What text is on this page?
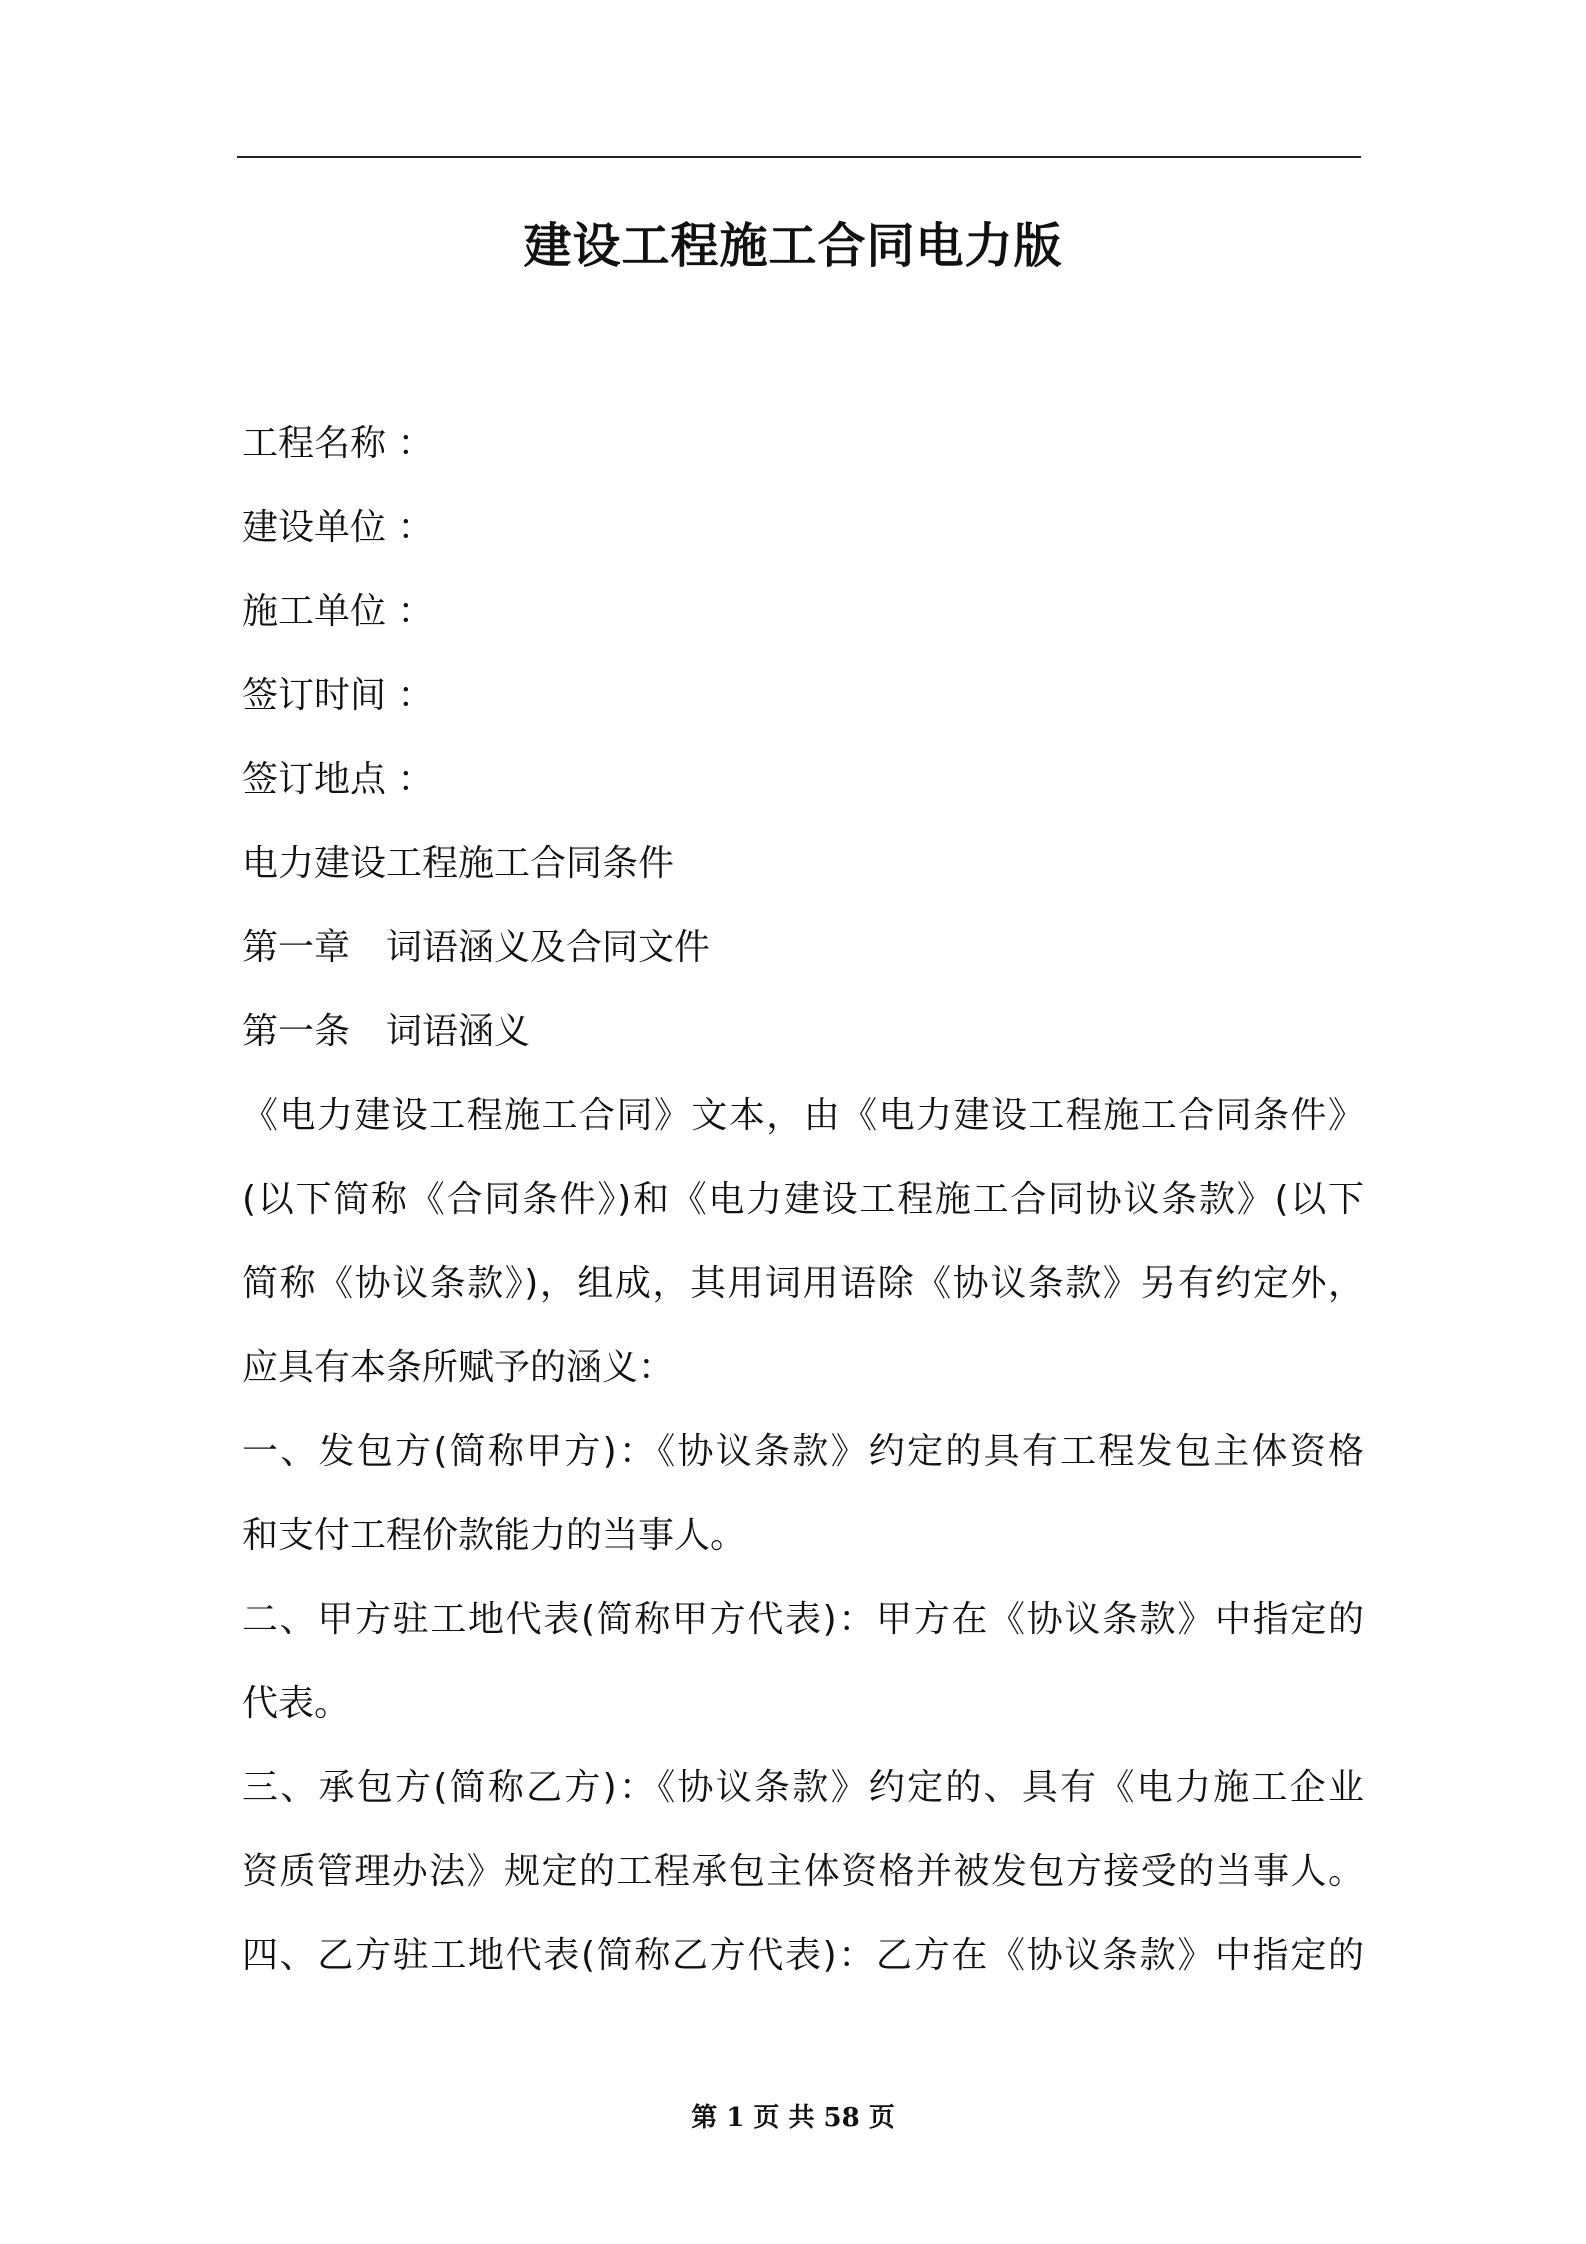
建设工程施工合同电力版
工程名称 ：
建设单位 ：
施工单位 ：
签订时间 ：
签订地点 ：
电力建设工程施工合同条件
第一章　词语涵义及合同文件
第一条　词语涵义
《电力建设工程施工合同》文本，由《电力建设工程施工合同条件》
(以下简称《合同条件》)和《电力建设工程施工合同协议条款》(以下
简称《协议条款》)，组成，其用词用语除《协议条款》另有约定外，
应具有本条所赋予的涵义：
一、发包方(简称甲方)：《协议条款》约定的具有工程发包主体资格
和支付工程价款能力的当事人。
二、甲方驻工地代表(简称甲方代表)：甲方在《协议条款》中指定的
代表。
三、承包方(简称乙方)：《协议条款》约定的、具有《电力施工企业
资质管理办法》规定的工程承包主体资格并被发包方接受的当事人。
四、乙方驻工地代表(简称乙方代表)：乙方在《协议条款》中指定的
第 1 页 共 58 页
